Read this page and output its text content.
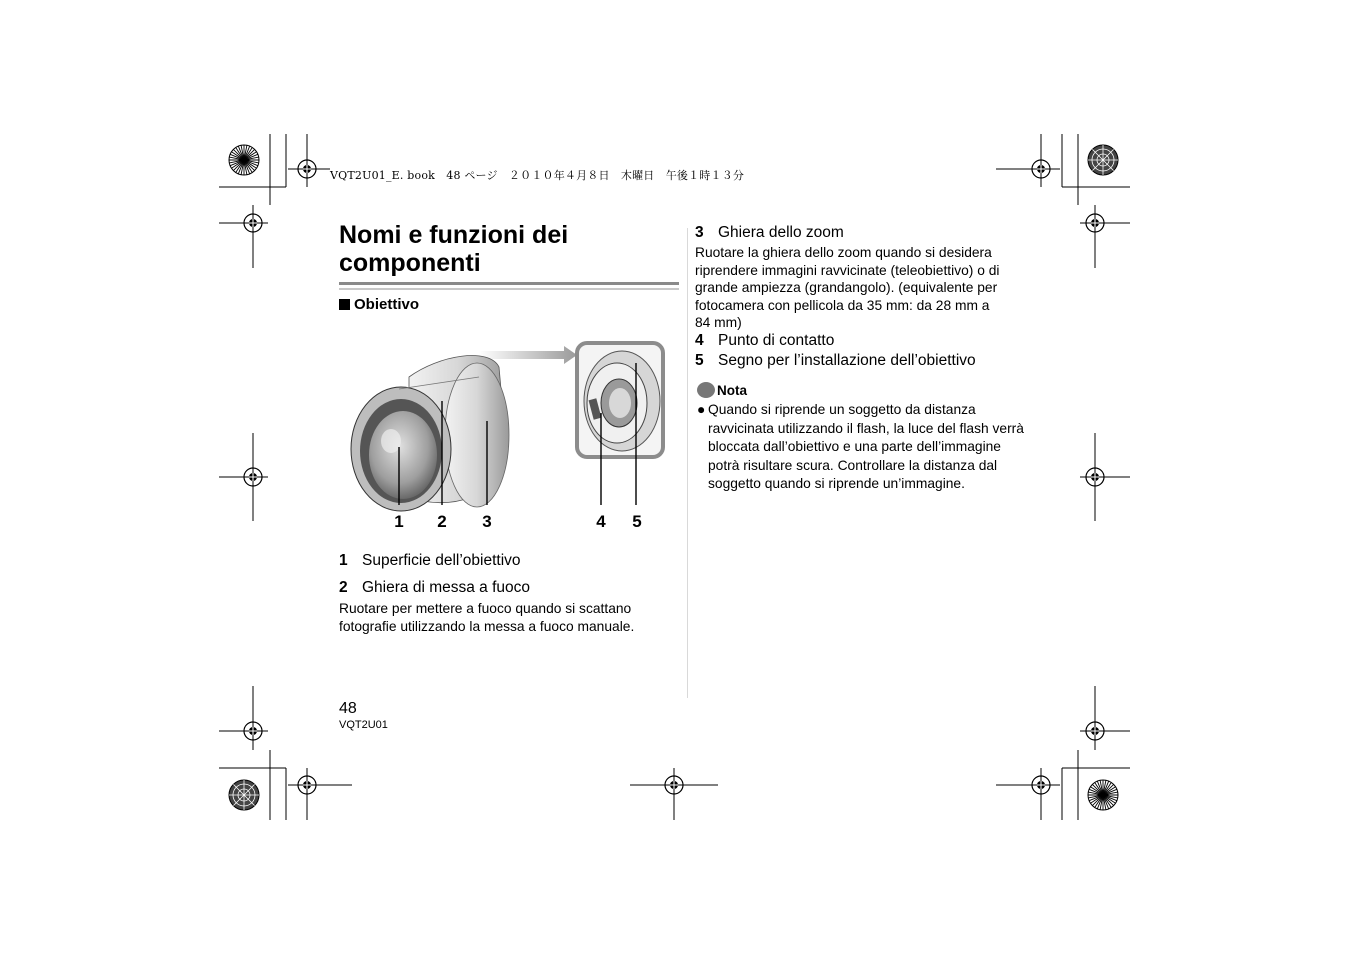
VQT2U01_E. book　48 ページ　２０１０年４月８日　木曜日　午後１時１３分
Nomi e funzioni dei
componenti
Obiettivo
1 2 3	4 5
1 Superficie dell’obiettivo
2 Ghiera di messa a fuoco
Ruotare per mettere a fuoco quando si scattano
fotografie utilizzando la messa a fuoco manuale.
3 Ghiera dello zoom
Ruotare la ghiera dello zoom quando si desidera
riprendere immagini ravvicinate (teleobiettivo) o di
grande ampiezza (grandangolo). (equivalente per
fotocamera con pellicola da 35 mm: da 28 mm a
84 mm)
4 Punto di contatto
5 Segno per l’installazione dell’obiettivo
Nota
● Quando si riprende un soggetto da distanza
ravvicinata utilizzando il flash, la luce del flash verrà
bloccata dall’obiettivo e una parte dell’immagine
potrà risultare scura. Controllare la distanza dal
soggetto quando si riprende un’immagine.
48
VQT2U01
